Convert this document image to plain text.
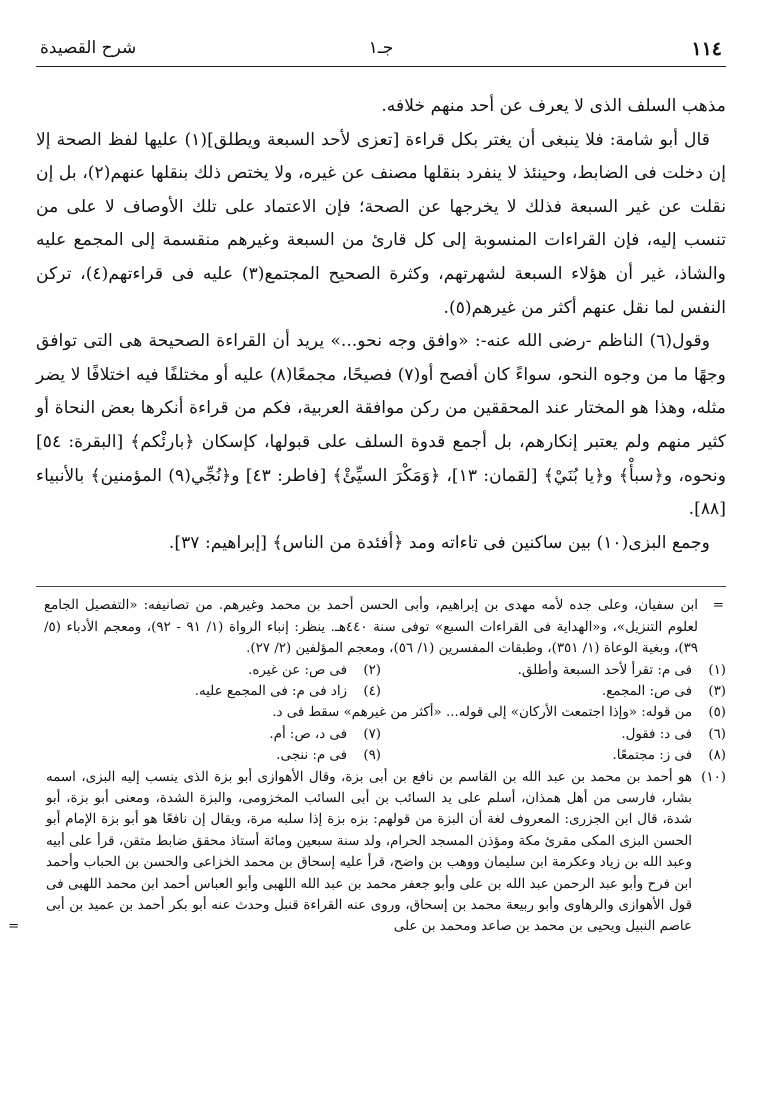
١١٤
جـ١
شرح القصيدة

مذهب السلف الذى لا يعرف عن أحد منهم خلافه.

قال أبو شامة: فلا ينبغى أن يغتر بكل قراءة [تعزى لأحد السبعة ويطلق](١) عليها لفظ الصحة إلا إن دخلت فى الضابط، وحينئذ لا ينفرد بنقلها مصنف عن غيره، ولا يختص ذلك بنقلها عنهم(٢)، بل إن نقلت عن غير السبعة فذلك لا يخرجها عن الصحة؛ فإن الاعتماد على تلك الأوصاف لا على من تنسب إليه، فإن القراءات المنسوبة إلى كل قارئ من السبعة وغيرهم منقسمة إلى المجمع عليه والشاذ، غير أن هؤلاء السبعة لشهرتهم، وكثرة الصحيح المجتمع(٣) عليه فى قراءتهم(٤)، تركن النفس لما نقل عنهم أكثر من غيرهم(٥).

وقول(٦) الناظم -رضى الله عنه-: «وافق وجه نحو...» يريد أن القراءة الصحيحة هى التى توافق وجهًا ما من وجوه النحو، سواءً كان أفصح أو(٧) فصيحًا، مجمعًا(٨) عليه أو مختلفًا فيه اختلافًا لا يضر مثله، وهذا هو المختار عند المحققين من ركن موافقة العربية، فكم من قراءة أنكرها بعض النحاة أو كثير منهم ولم يعتبر إنكارهم، بل أجمع قدوة السلف على قبولها، كإسكان ﴿بارئْكم﴾ [البقرة: ٥٤] ونحوه، و﴿سبأْ﴾ و﴿يا بُنَيْ﴾ [لقمان: ١٣]، ﴿وَمَكْرَ السيِّئْ﴾ [فاطر: ٤٣] و﴿نُجِّي(٩) المؤمنين﴾ بالأنبياء [٨٨].

وجمع البزى(١٠) بين ساكنين فى تاءاته ومد ﴿أفئدة من الناس﴾ [إبراهيم: ٣٧].

=
ابن سفيان، وعلى جده لأمه مهدى بن إبراهيم، وأبى الحسن أحمد بن محمد وغيرهم. من تصانيفه: «التفصيل الجامع لعلوم التنزيل»، و«الهداية فى القراءات السبع» توفى سنة ٤٤٠هـ. ينظر: إنباء الرواة (١/ ٩١ - ٩٢)، ومعجم الأدباء (٥/ ٣٩)، وبغية الوعاة (١/ ٣٥١)، وطبقات المفسرين (١/ ٥٦)، ومعجم المؤلفين (٢/ ٢٧).
(١)
فى م: تقرأ لأحد السبعة وأطلق.
(٢)
فى ص: عن غيره.
(٣)
فى ص: المجمع.
(٤)
زاد فى م: فى المجمع عليه.
(٥)
من قوله: «وإذا اجتمعت الأركان» إلى قوله... «أكثر من غيرهم» سقط فى د.
(٦)
فى د: فقول.
(٧)
فى د، ص: أم.
(٨)
فى ز: مجتمعًا.
(٩)
فى م: ننجى.
(١٠)
هو أحمد بن محمد بن عبد الله بن القاسم بن نافع بن أبى بزة، وقال الأهوازى أبو بزة الذى ينسب إليه البزى، اسمه بشار، فارسى من أهل همذان، أسلم على يد السائب بن أبى السائب المخزومى، والبزة الشدة، ومعنى أبو بزة، أبو شدة، قال ابن الجزرى: المعروف لغة أن البزة من قولهم: بزه بزة إذا سلبه مرة، ويقال إن نافعًا هو أبو بزة الإمام أبو الحسن البزى المكى مقرئ مكة ومؤذن المسجد الحرام، ولد سنة سبعين ومائة أستاذ محقق ضابط متقن، قرأ على أبيه وعبد الله بن زياد وعكرمة ابن سليمان ووهب بن واضح، قرأ عليه إسحاق بن محمد الخزاعى والحسن بن الحباب وأحمد ابن فرح وأبو عبد الرحمن عبد الله بن على وأبو جعفر محمد بن عبد الله اللهبى وأبو العباس أحمد ابن محمد اللهبى فى قول الأهوازى والرهاوى وأبو ربيعة محمد بن إسحاق، وروى عنه القراءة قنبل وحدث عنه أبو بكر أحمد بن عميد بن أبى عاصم النبيل ويحيى بن محمد بن صاعد ومحمد بن على
=
